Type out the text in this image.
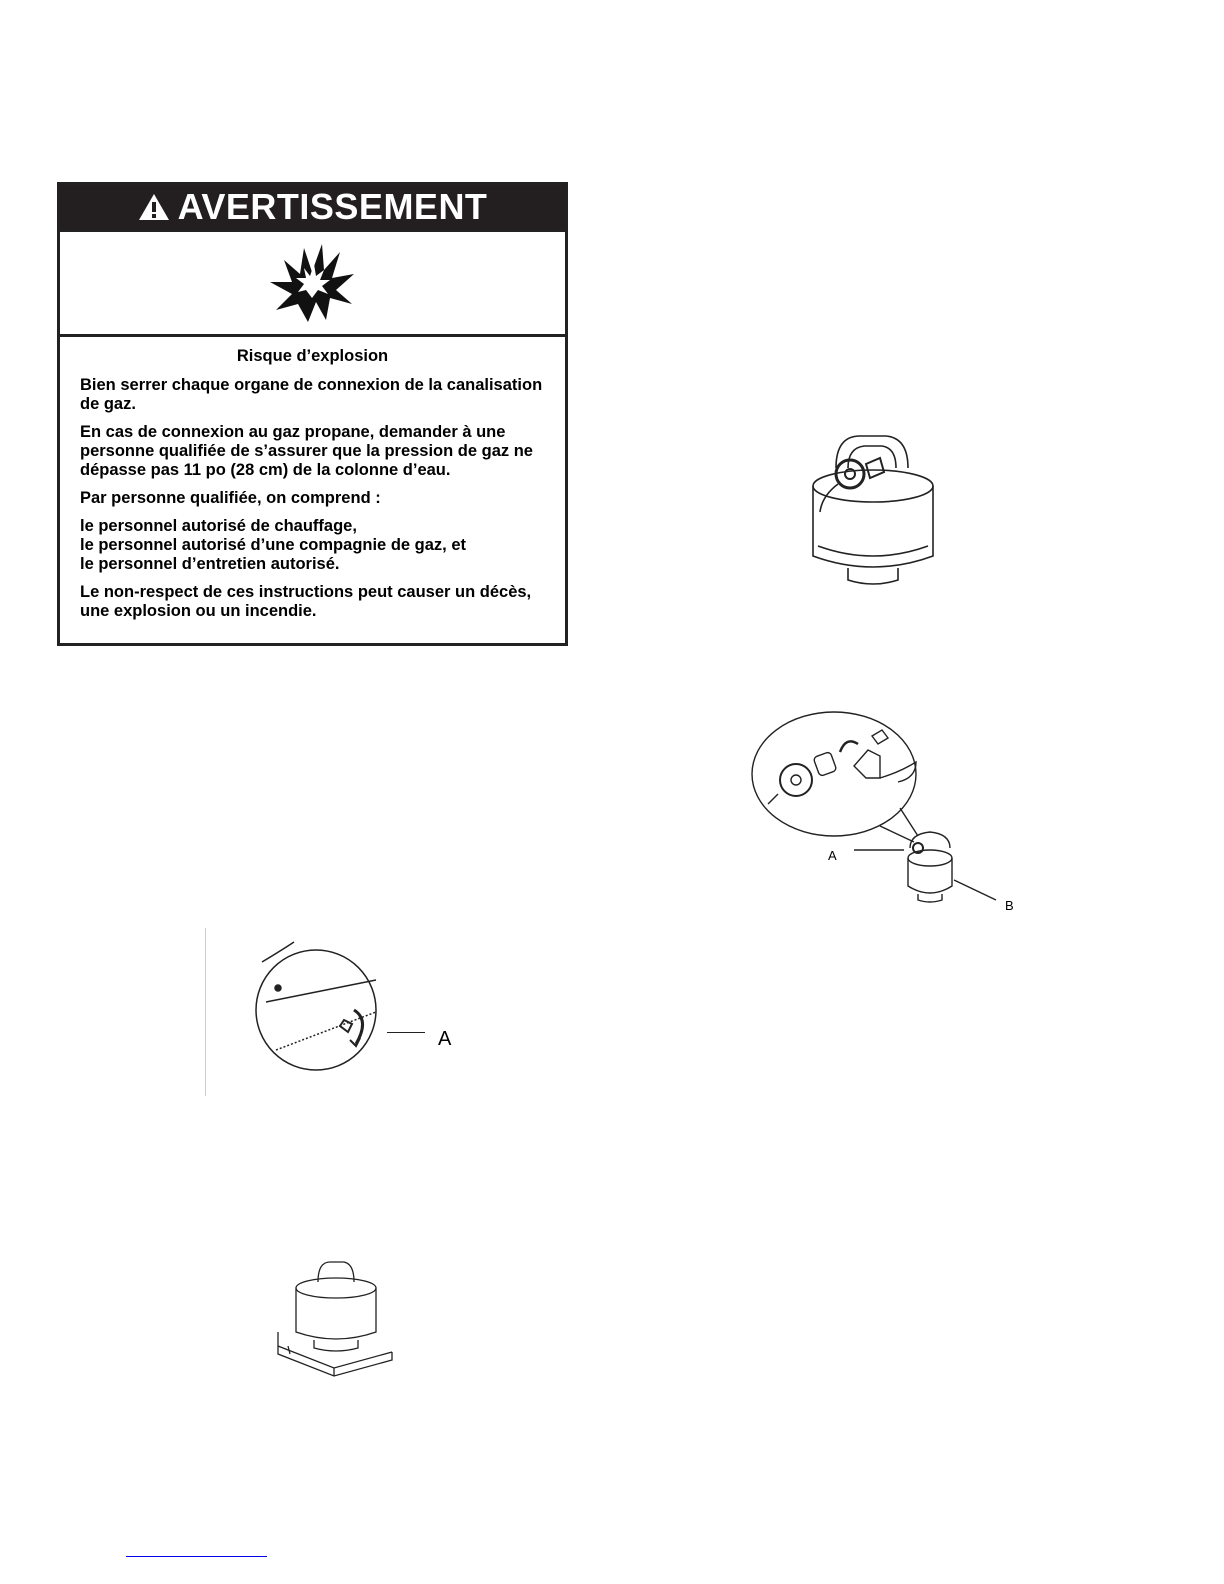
AVERTISSEMENT
Risque d’explosion

Bien serrer chaque organe de connexion de la canalisation de gaz.

En cas de connexion au gaz propane, demander à une personne qualifiée de s’assurer que la pression de gaz ne dépasse pas 11 po (28 cm) de la colonne d’eau.

Par personne qualifiée, on comprend :

le personnel autorisé de chauffage,
le personnel autorisé d’une compagnie de gaz, et
le personnel d’entretien autorisé.

Le non-respect de ces instructions peut causer un décès, une explosion ou un incendie.

A
B
A
